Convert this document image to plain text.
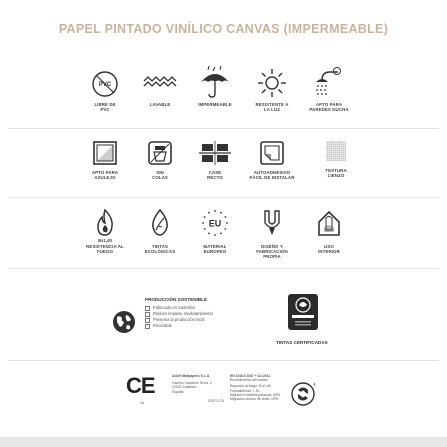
PAPEL PINTADO VINÍLICO CANVAS (IMPERMEABLE)
PVC
LIBRE DE PVC
LAVABLE	IMPERMEABLE	RESISTENTE A LA LUZ
APTO PARA PAREDES DUCHA
APTO PARA AZULEJO
SIN COLAS
CASE RECTO
AUTOADHESIVO FÁCIL DE INSTALAR
TEXTURA LIENZO
Bs1,d0
RESISTENCIA AL FUEGO
TINTAS ECOLÓGICAS
EU
MATERIAL EUROPEO
DISEÑO Y FABRICACIÓN PROPIA
USO INTERIOR
PRODUCCIÓN SOSTENIBLE
Fabricado en Castellón
Reduce impacto medioambiental
Preserva la producción local
Reciclable
TINTAS CERTIFICADAS
CE
18
Adolf Wallpapers S.L.U.
Camino Castellón Serra, 2
12100 Castellón
España
DOP2-074
EN 15102:2007 + A1:2011
Revestimiento decorativo
Reacción al fuego: B-s1,d0
Formaldehído: < E1
Migración metales pesados: NPD
Migración cloruro de vinilo: NPD
®
